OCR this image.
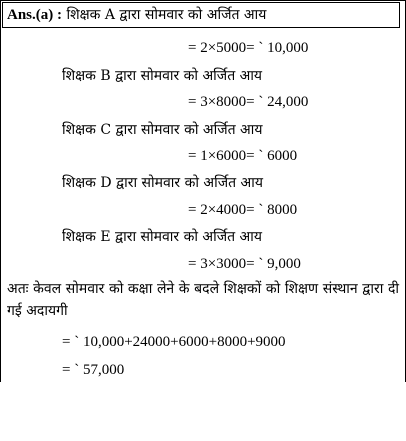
Ans.(a) : शिक्षक A द्वारा सोमवार को अर्जित आय
= 2×5000= ` 10,000
शिक्षक B द्वारा सोमवार को अर्जित आय
= 3×8000= ` 24,000
शिक्षक C द्वारा सोमवार को अर्जित आय
= 1×6000= ` 6000
शिक्षक D द्वारा सोमवार को अर्जित आय
= 2×4000= ` 8000
शिक्षक E द्वारा सोमवार को अर्जित आय
= 3×3000= ` 9,000
अतः केवल सोमवार को कक्षा लेने के बदले शिक्षकों को शिक्षण संस्थान द्वारा दी गई अदायगी
= ` 10,000+24000+6000+8000+9000
= ` 57,000
